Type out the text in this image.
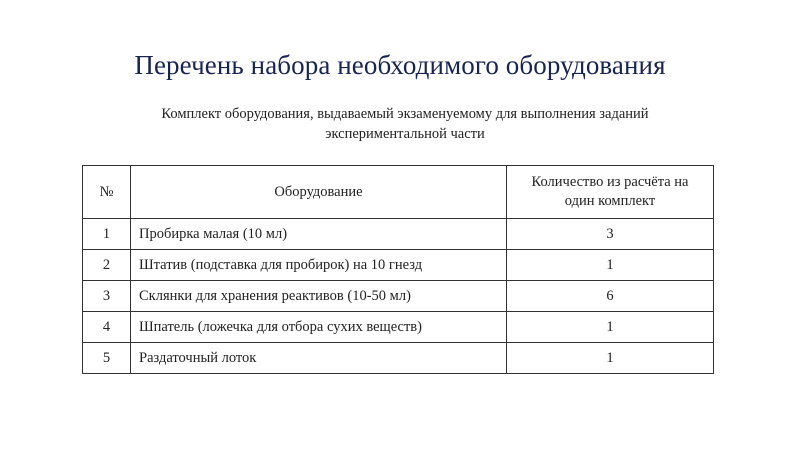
Перечень набора необходимого оборудования
Комплект оборудования, выдаваемый экзаменуемому для выполнения заданий
экспериментальной части
№	Оборудование	Количество из расчёта на
один комплект

1	Пробирка малая (10 мл)	3
2	Штатив (подставка для пробирок) на 10 гнезд	1
3	Склянки для хранения реактивов (10-50 мл)	6
4	Шпатель (ложечка для отбора сухих веществ)	1
5	Раздаточный лоток	1
